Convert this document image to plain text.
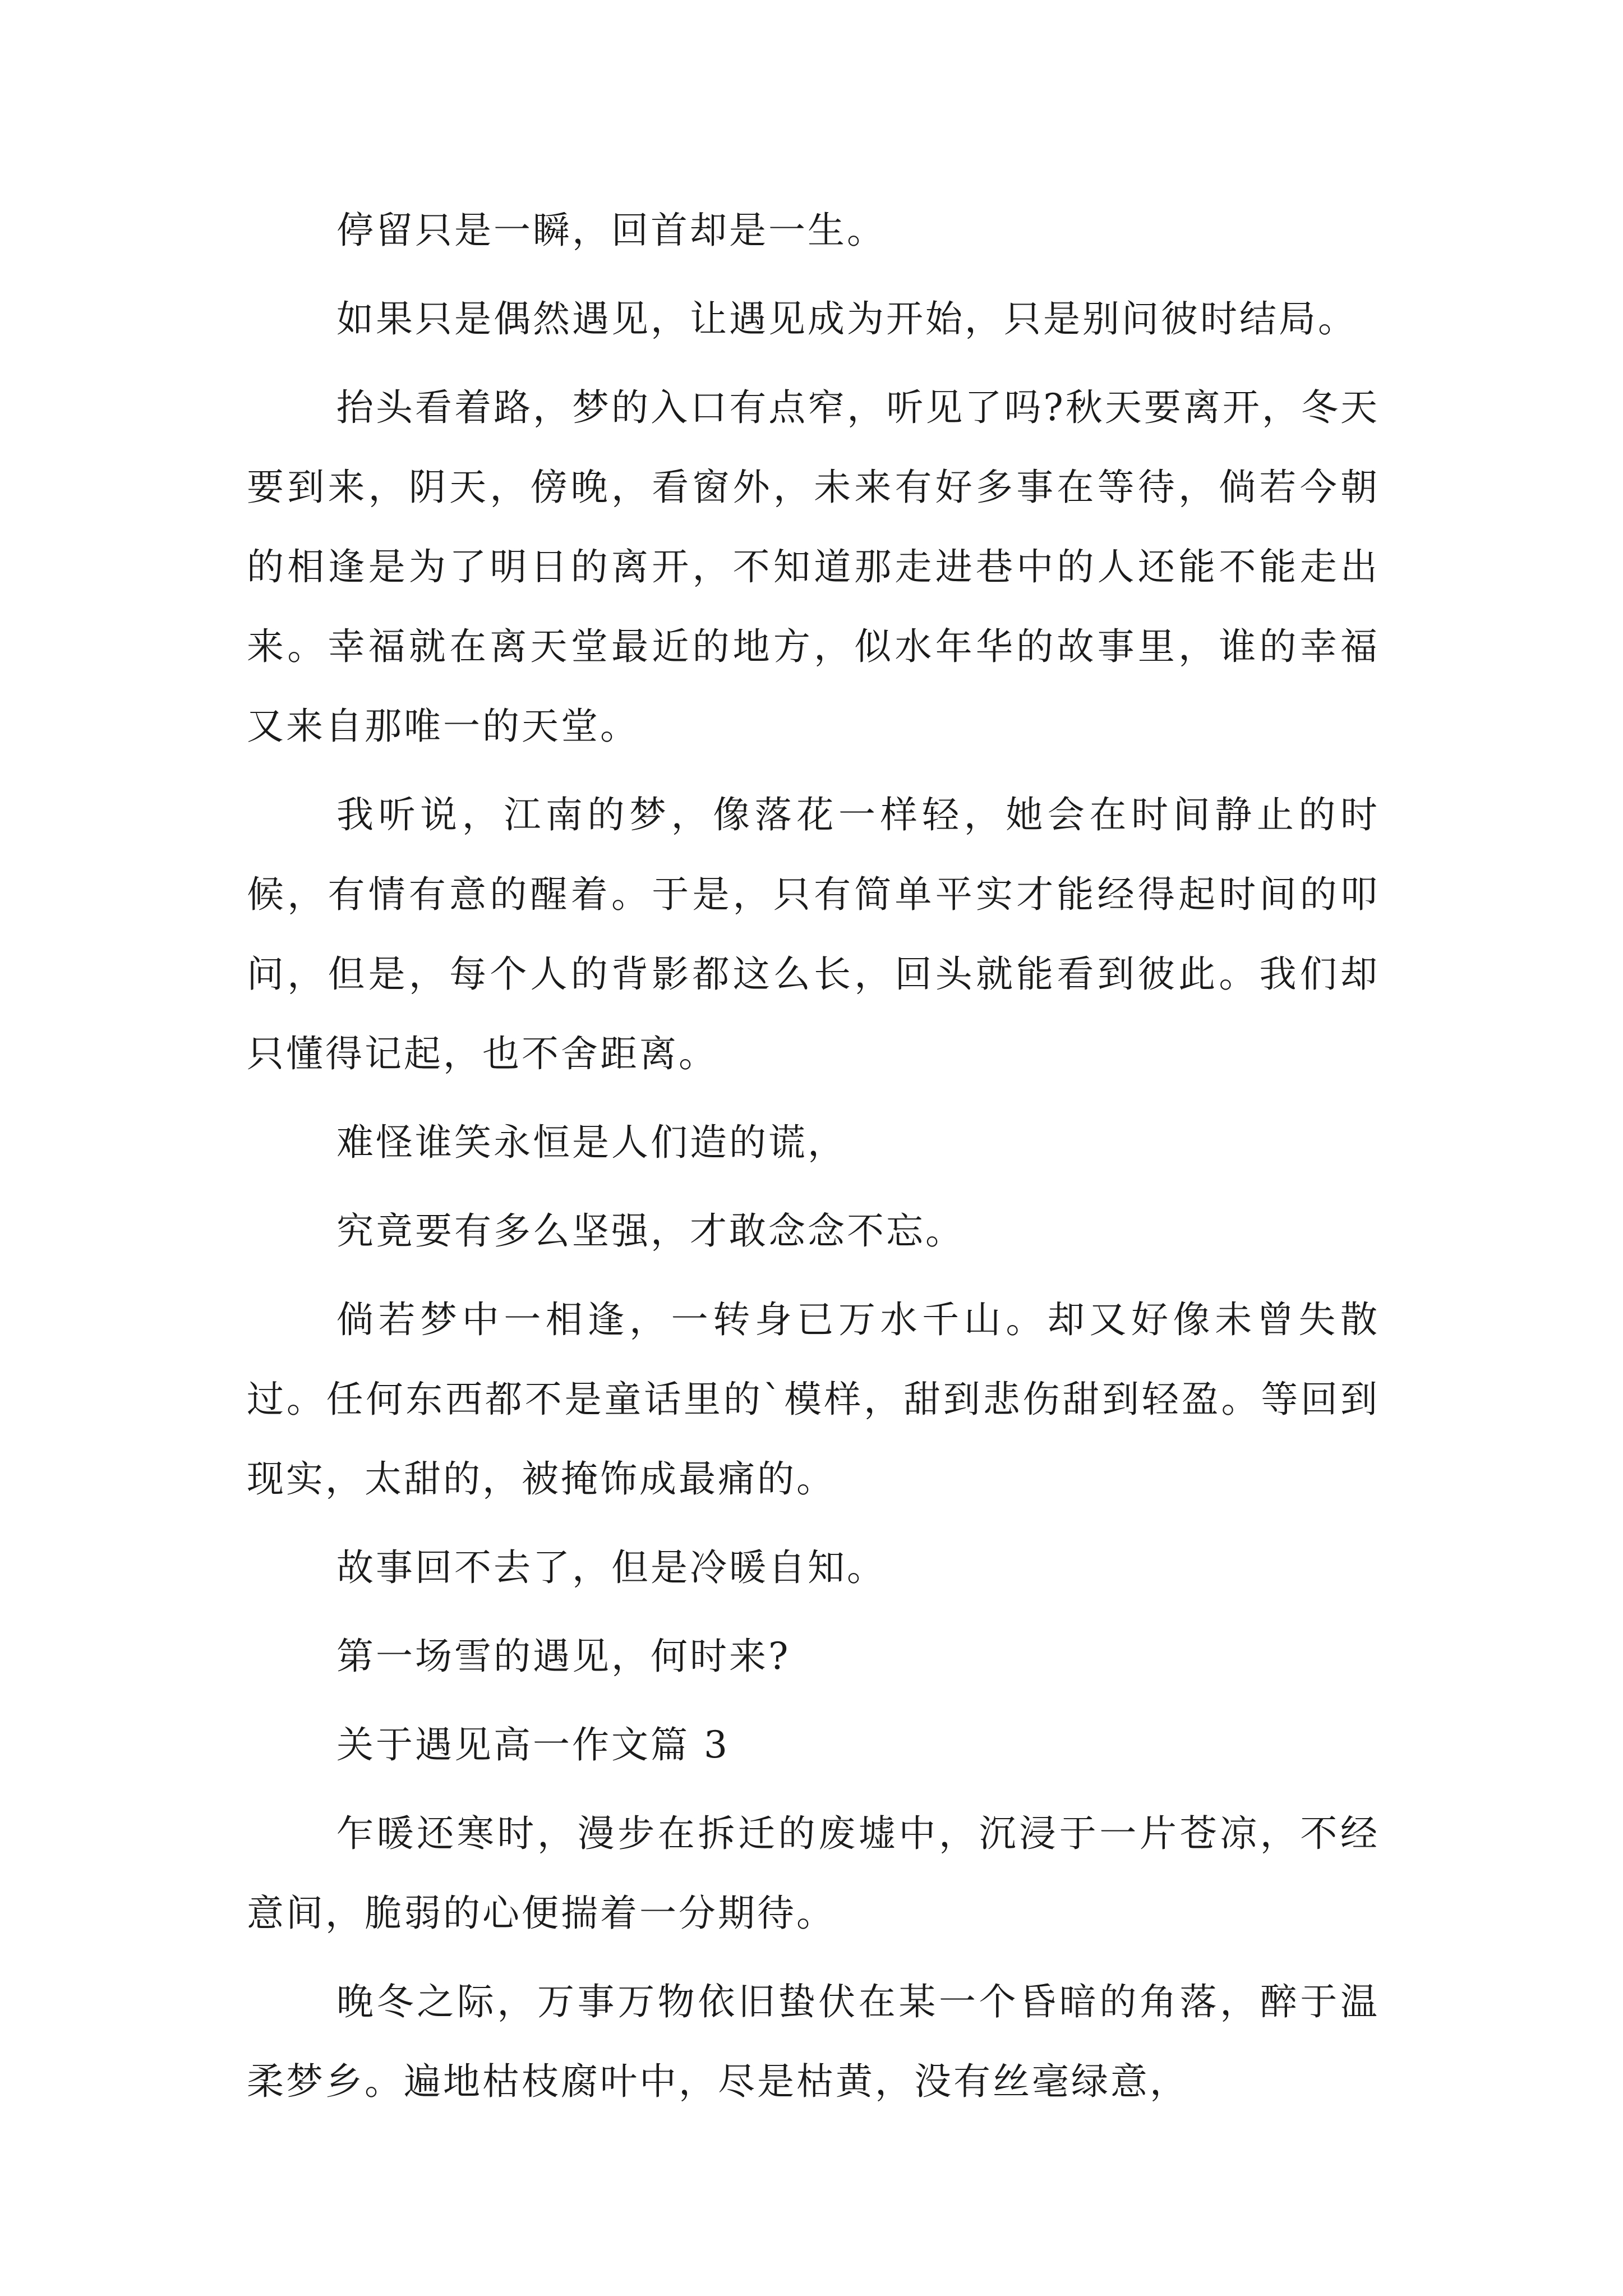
停留只是一瞬，回首却是一生。

如果只是偶然遇见，让遇见成为开始，只是别问彼时结局。

抬头看着路，梦的入口有点窄，听见了吗?秋天要离开，冬天要到来，阴天，傍晚，看窗外，未来有好多事在等待，倘若今朝的相逢是为了明日的离开，不知道那走进巷中的人还能不能走出来。幸福就在离天堂最近的地方，似水年华的故事里，谁的幸福又来自那唯一的天堂。

我听说，江南的梦，像落花一样轻，她会在时间静止的时候，有情有意的醒着。于是，只有简单平实才能经得起时间的叩问，但是，每个人的背影都这么长，回头就能看到彼此。我们却只懂得记起，也不舍距离。

难怪谁笑永恒是人们造的谎，

究竟要有多么坚强，才敢念念不忘。

倘若梦中一相逢，一转身已万水千山。却又好像未曾失散过。任何东西都不是童话里的`模样，甜到悲伤甜到轻盈。等回到现实，太甜的，被掩饰成最痛的。

故事回不去了，但是冷暖自知。

第一场雪的遇见，何时来?

关于遇见高一作文篇 3

乍暖还寒时，漫步在拆迁的废墟中，沉浸于一片苍凉，不经意间，脆弱的心便揣着一分期待。

晚冬之际，万事万物依旧蛰伏在某一个昏暗的角落，醉于温柔梦乡。遍地枯枝腐叶中，尽是枯黄，没有丝毫绿意，
